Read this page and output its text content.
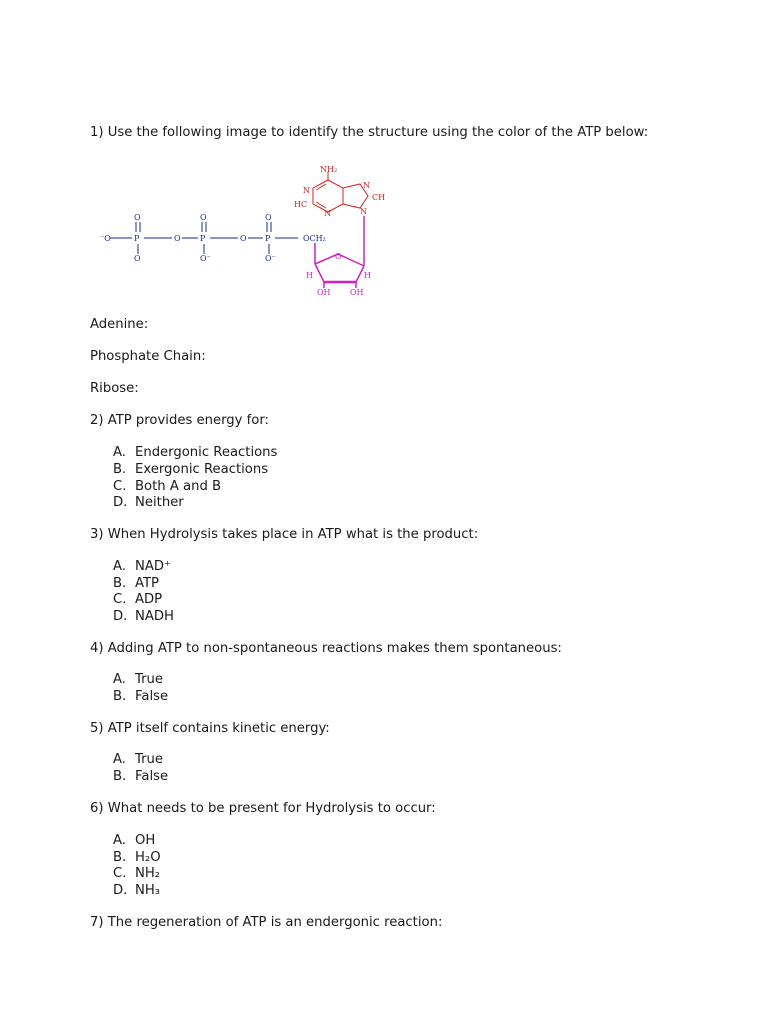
1) Use the following image to identify the structure using the color of the ATP below:
⁻O	P
O
O
O P
O
O⁻
O P
O
O⁻
OCH₂
NH₂
N
HC
N
N
CH
N
O
H	H
OH OH
Adenine:
Phosphate Chain:
Ribose:
2) ATP provides energy for:
A. Endergonic Reactions
B. Exergonic Reactions
C. Both A and B
D. Neither
3) When Hydrolysis takes place in ATP what is the product:
A. NAD⁺
B. ATP
C. ADP
D. NADH
4) Adding ATP to non-spontaneous reactions makes them spontaneous:
A. True
B. False
5) ATP itself contains kinetic energy:
A. True
B. False
6) What needs to be present for Hydrolysis to occur:
A. OH
B. H₂O
C. NH₂
D. NH₃
7) The regeneration of ATP is an endergonic reaction:
